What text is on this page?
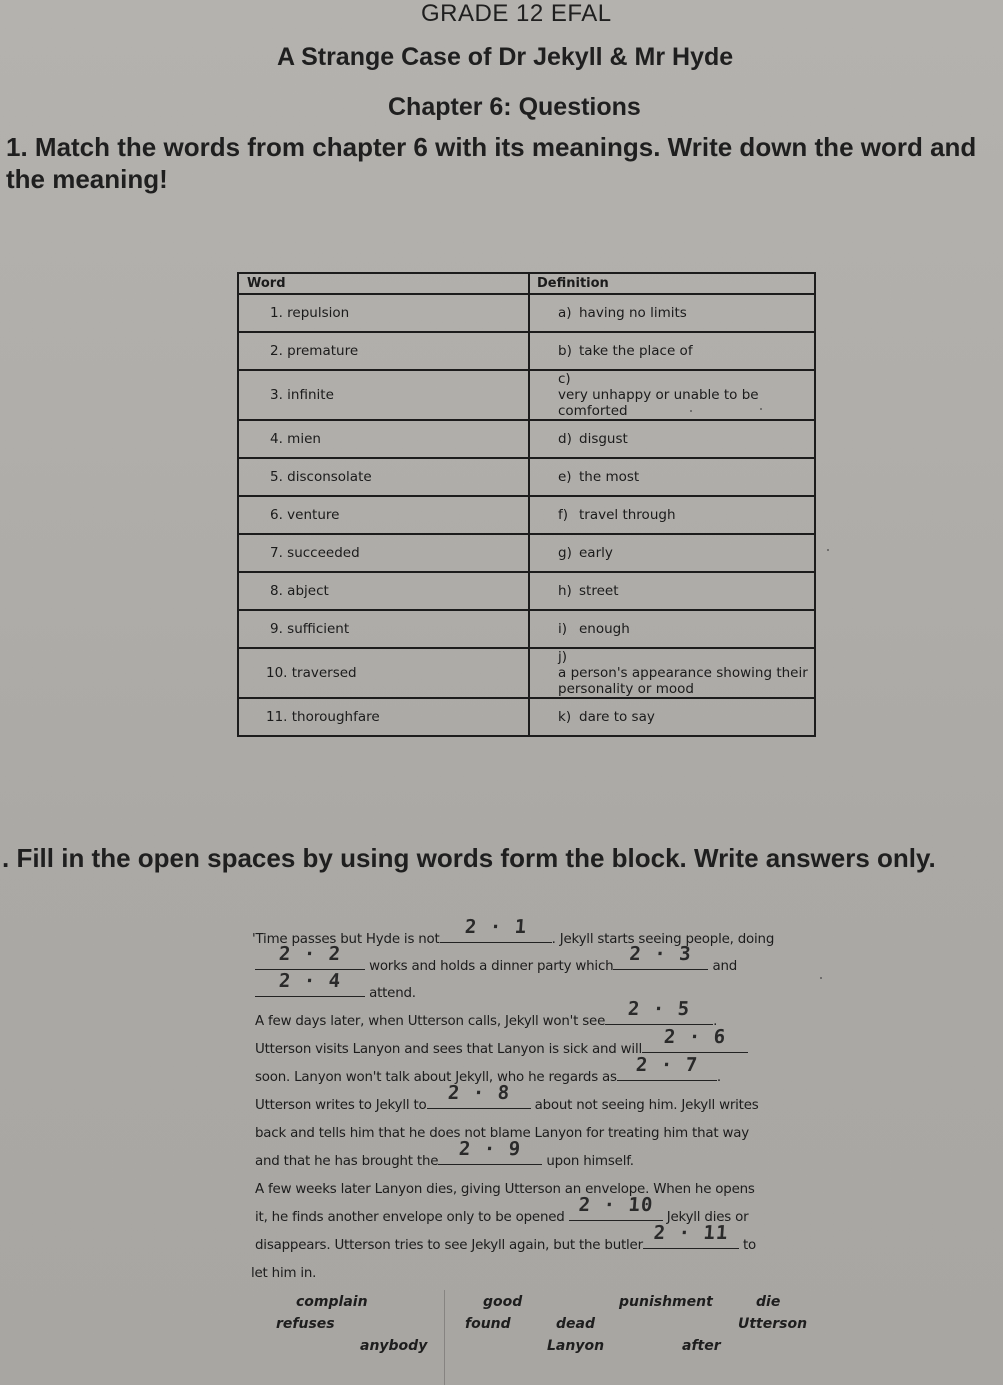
GRADE 12 EFAL
A Strange Case of Dr Jekyll & Mr Hyde
Chapter 6: Questions
1. Match the words from chapter 6 with its meanings. Write down the word and the meaning!
Word	Definition
1. repulsion	a) having no limits
2. premature	b) take the place of
3. infinite	c)very unhappy or unable to be comforted
4. mien	d) disgust
5. disconsolate	e) the most
6. venture	f) travel through
7. succeeded	g) early
8. abject	h) street
9. sufficient	i) enough
10. traversed	j)a person's appearance showing their personality or mood
11. thoroughfare	k) dare to say
. Fill in the open spaces by using words form the block. Write answers only.
'Time passes but Hyde is not
2 · 1
. Jekyll starts seeing people, doing
2 · 2
works and holds a dinner party which
2 · 3
and
2 · 4
attend.
A few days later, when Utterson calls, Jekyll won't see
2 · 5
.
Utterson visits Lanyon and sees that Lanyon is sick and will
2 · 6
soon. Lanyon won't talk about Jekyll, who he regards as
2 · 7
.
Utterson writes to Jekyll to
2 · 8
about not seeing him. Jekyll writes
back and tells him that he does not blame Lanyon for treating him that way
and that he has brought the
2 · 9
upon himself.
A few weeks later Lanyon dies, giving Utterson an envelope. When he opens
it, he finds another envelope only to be opened
2 · 10
Jekyll dies or
disappears. Utterson tries to see Jekyll again, but the butler
2 · 11
to
let him in.
complain	good	punishment	die
refuses	found	dead	Utterson
anybody	Lanyon	after
